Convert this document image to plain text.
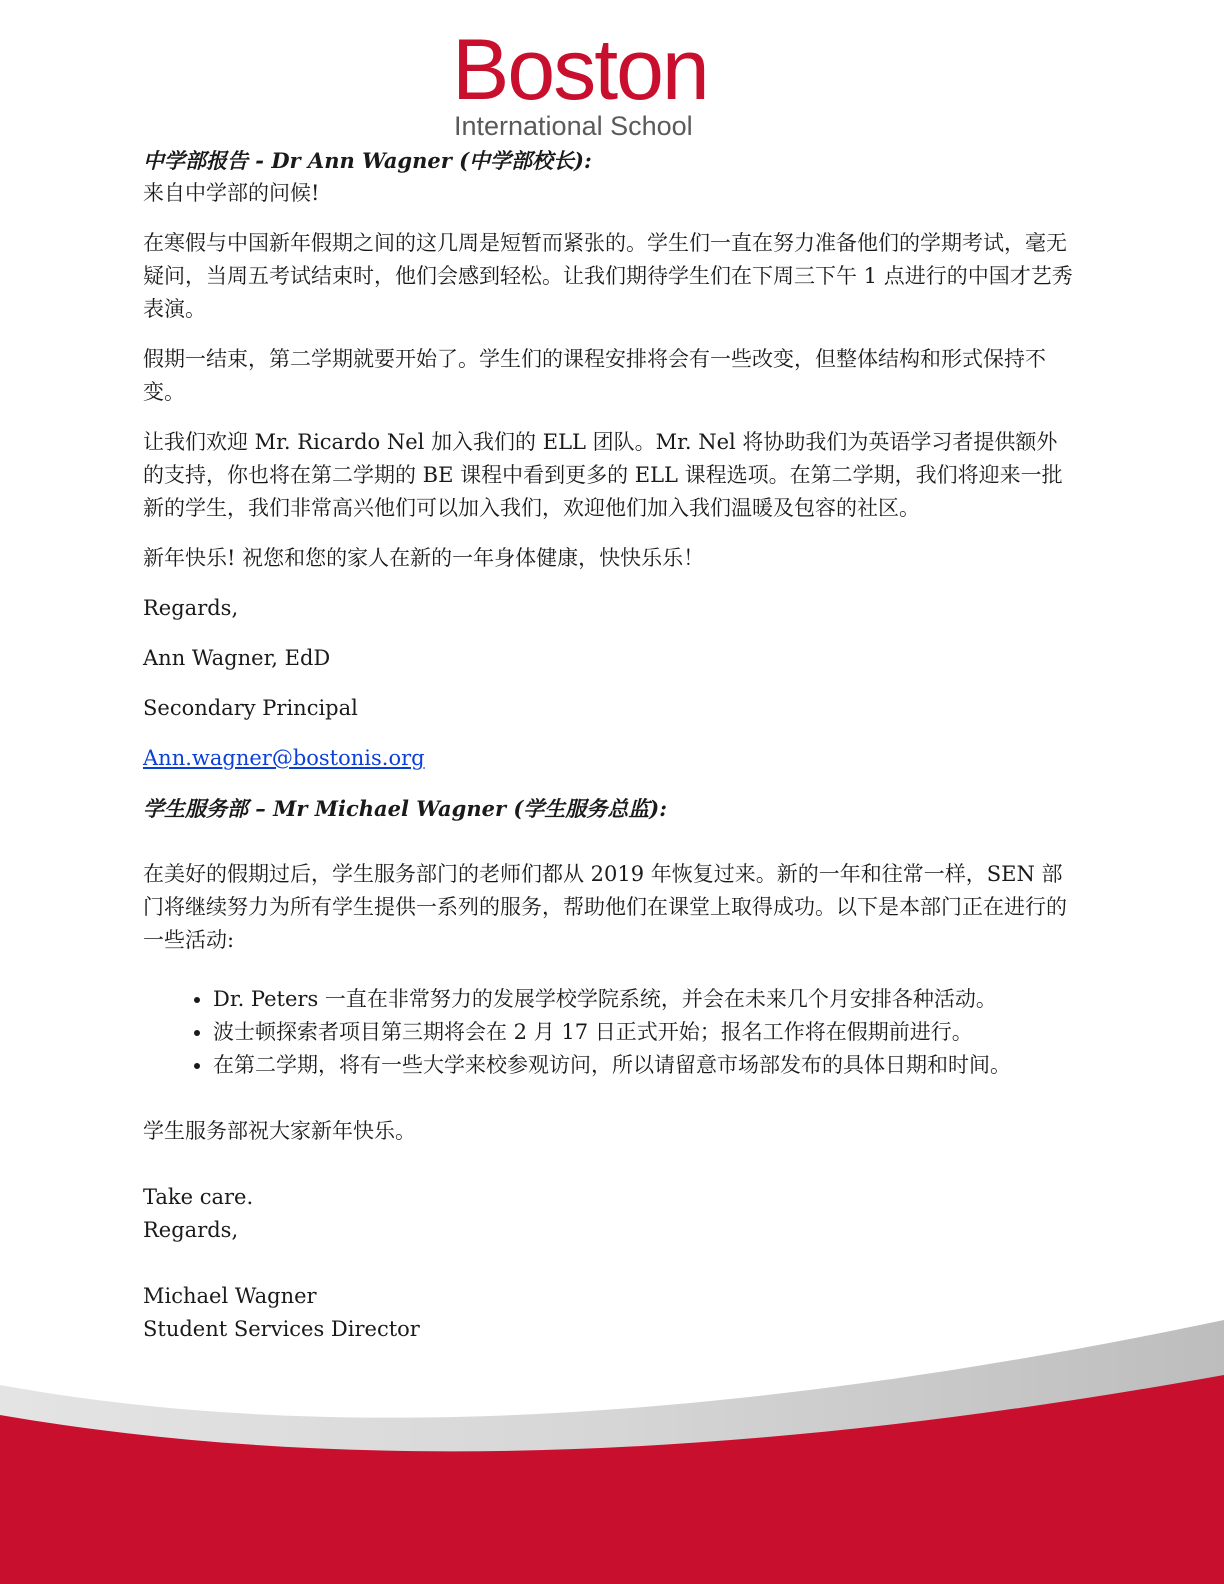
Boston
International School

中学部报告 - Dr Ann Wagner (中学部校长):

来自中学部的问候!

在寒假与中国新年假期之间的这几周是短暂而紧张的。学生们一直在努力准备他们的学期考试，毫无疑问，当周五考试结束时，他们会感到轻松。让我们期待学生们在下周三下午 1 点进行的中国才艺秀表演。

假期一结束，第二学期就要开始了。学生们的课程安排将会有一些改变，但整体结构和形式保持不变。

让我们欢迎 Mr. Ricardo Nel 加入我们的 ELL 团队。Mr. Nel 将协助我们为英语学习者提供额外的支持，你也将在第二学期的 BE 课程中看到更多的 ELL 课程选项。在第二学期，我们将迎来一批新的学生，我们非常高兴他们可以加入我们，欢迎他们加入我们温暖及包容的社区。

新年快乐! 祝您和您的家人在新的一年身体健康，快快乐乐！

Regards,

Ann Wagner, EdD

Secondary Principal

Ann.wagner@bostonis.org

学生服务部 – Mr Michael Wagner (学生服务总监):

在美好的假期过后，学生服务部门的老师们都从 2019 年恢复过来。新的一年和往常一样，SEN 部门将继续努力为所有学生提供一系列的服务，帮助他们在课堂上取得成功。以下是本部门正在进行的一些活动:

• Dr. Peters 一直在非常努力的发展学校学院系统，并会在未来几个月安排各种活动。
• 波士顿探索者项目第三期将会在 2 月 17 日正式开始；报名工作将在假期前进行。
• 在第二学期，将有一些大学来校参观访问，所以请留意市场部发布的具体日期和时间。

学生服务部祝大家新年快乐。

Take care.

Regards,

Michael Wagner

Student Services Director
